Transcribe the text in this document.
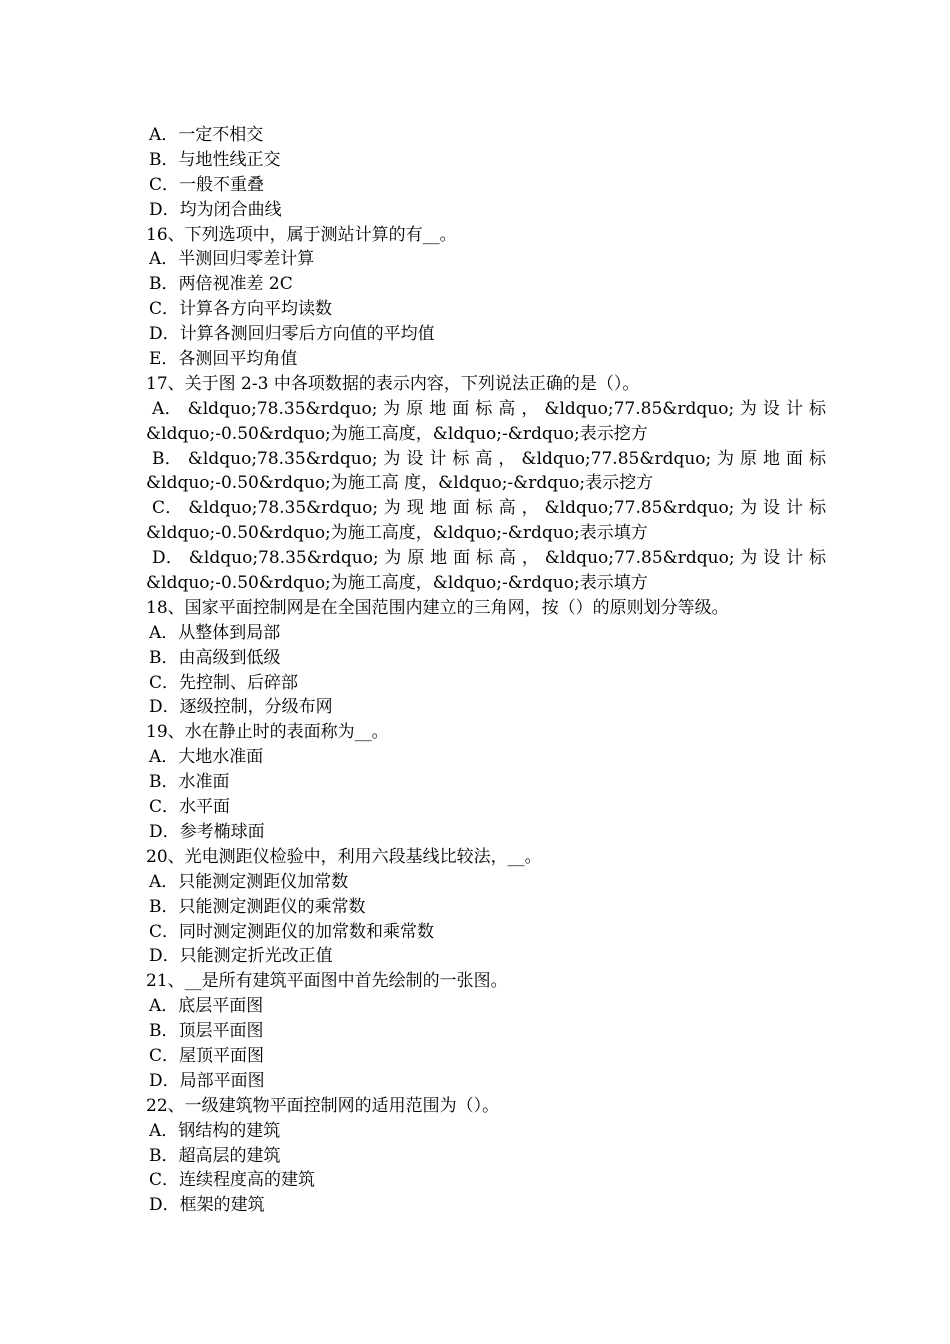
A．一定不相交
B．与地性线正交
C．一般不重叠
D．均为闭合曲线
16、下列选项中，属于测站计算的有__。
A．半测回归零差计算
B．两倍视准差 2C
C．计算各方向平均读数
D．计算各测回归零后方向值的平均值
E．各测回平均角值
17、关于图 2-3 中各项数据的表示内容，下列说法正确的是（）。
A． &ldquo;78.35&rdquo; 为 原 地 面 标 高 ， &ldquo;77.85&rdquo; 为 设 计 标
&ldquo;-0.50&rdquo;为施工高度，&ldquo;-&rdquo;表示挖方
B． &ldquo;78.35&rdquo; 为 设 计 标 高 ， &ldquo;77.85&rdquo; 为 原 地 面 标
&ldquo;-0.50&rdquo;为施工高 度，&ldquo;-&rdquo;表示挖方
C． &ldquo;78.35&rdquo; 为 现 地 面 标 高 ， &ldquo;77.85&rdquo; 为 设 计 标
&ldquo;-0.50&rdquo;为施工高度，&ldquo;-&rdquo;表示填方
D． &ldquo;78.35&rdquo; 为 原 地 面 标 高 ， &ldquo;77.85&rdquo; 为 设 计 标
&ldquo;-0.50&rdquo;为施工高度，&ldquo;-&rdquo;表示填方
18、国家平面控制网是在全国范围内建立的三角网，按（）的原则划分等级。
A．从整体到局部
B．由高级到低级
C．先控制、后碎部
D．逐级控制，分级布网
19、水在静止时的表面称为__。
A．大地水准面
B．水准面
C．水平面
D．参考椭球面
20、光电测距仪检验中，利用六段基线比较法，__。
A．只能测定测距仪加常数
B．只能测定测距仪的乘常数
C．同时测定测距仪的加常数和乘常数
D．只能测定折光改正值
21、__是所有建筑平面图中首先绘制的一张图。
A．底层平面图
B．顶层平面图
C．屋顶平面图
D．局部平面图
22、一级建筑物平面控制网的适用范围为（）。
A．钢结构的建筑
B．超高层的建筑
C．连续程度高的建筑
D．框架的建筑
